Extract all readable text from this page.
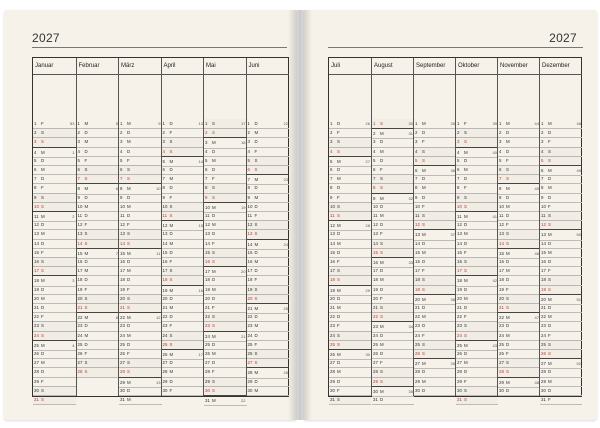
2027
Januar
1 F	53
2 S
3 S
4 M	1
5 D
6 M
7 D
8 F
9 S
10 S
11 M	2
12 D
13 M
14 D
15 F
16 S
17 S
18 M	3
19 D
20 M
21 D
22 F
23 S
24 S
25 M	4
26 D
27 M
28 D
29 F
30 S
31 S
Februar
1 M	5
2 D
3 M
4 D
5 F
6 S
7 S
8 M	6
9 D
10 M
11 D
12 F
13 S
14 S
15 M	7
16 D
17 M
18 D
19 F
20 S
21 S
22 M	8
23 D
24 M
25 D
26 F
27 S
28 S
März
1 M	9
2 D
3 M
4 D
5 F
6 S
7 S
8 M	10
9 D
10 M
11 D
12 F
13 S
14 S
15 M	11
16 D
17 M
18 D
19 F
20 S
21 S
22 M	12
23 D
24 M
25 D
26 F
27 S
28 S
29 M	13
30 D
31 M
April
1 D	13
2 F
3 S
4 S
5 M	14
6 D
7 M
8 D
9 F
10 S
11 S
12 M	15
13 D
14 M
15 D
16 F
17 S
18 S
19 M	16
20 D
21 M
22 D
23 F
24 S
25 S
26 M	17
27 D
28 M
29 D
30 F
Mai
1 S	17
2 S
3 M	18
4 D
5 M
6 D
7 F
8 S
9 S
10 M	19
11 D
12 M
13 D
14 F
15 S
16 S
17 M	20
18 D
19 M
20 D
21 F
22 S
23 S
24 M	21
25 D
26 M
27 D
28 F
29 S
30 S
31 M	22
Juni
1 D	22
2 M
3 D
4 F
5 S
6 S
7 M	23
8 D
9 M
10 D
11 F
12 S
13 S
14 M	24
15 D
16 M
17 D
18 F
19 S
20 S
21 M	25
22 D
23 M
24 D
25 F
26 S
27 S
28 M	26
29 D
30 M
2027
Juli
1 D	26
2 F
3 S
4 S
5 M	27
6 D
7 M
8 D
9 F
10 S
11 S
12 M	28
13 D
14 M
15 D
16 F
17 S
18 S
19 M	29
20 D
21 M
22 D
23 F
24 S
25 S
26 M	30
27 D
28 M
29 D
30 F
31 S
August
1 S	30
2 M	31
3 D
4 M
5 D
6 F
7 S
8 S
9 M	32
10 D
11 M
12 D
13 F
14 S
15 S
16 M	33
17 D
18 M
19 D
20 F
21 S
22 S
23 M	34
24 D
25 M
26 D
27 F
28 S
29 S
30 M	35
31 D
September
1 M	35
2 D
3 F
4 S
5 S
6 M	36
7 D
8 M
9 D
10 F
11 S
12 S
13 M	37
14 D
15 M
16 D
17 F
18 S
19 S
20 M	38
21 D
22 M
23 D
24 F
25 S
26 S
27 M	39
28 D
29 M
30 D
Oktober
1 F	39
2 S
3 S
4 M	40
5 D
6 M
7 D
8 F
9 S
10 S
11 M	41
12 D
13 M
14 D
15 F
16 S
17 S
18 M	42
19 D
20 M
21 D
22 F
23 S
24 S
25 M	43
26 D
27 M
28 D
29 F
30 S
31 S
November
1 M	44
2 D
3 M
4 D
5 F
6 S
7 S
8 M	45
9 D
10 M
11 D
12 F
13 S
14 S
15 M	46
16 D
17 M
18 D
19 F
20 S
21 S
22 M	47
23 D
24 M
25 D
26 F
27 S
28 S
29 M	48
30 D
Dezember
1 M	48
2 D
3 F
4 S
5 S
6 M	49
7 D
8 M
9 D
10 F
11 S
12 S
13 M	50
14 D
15 M
16 D
17 F
18 S
19 S
20 M	51
21 D
22 M
23 D
24 F
25 S
26 S
27 M	52
28 D
29 M
30 D
31 F
